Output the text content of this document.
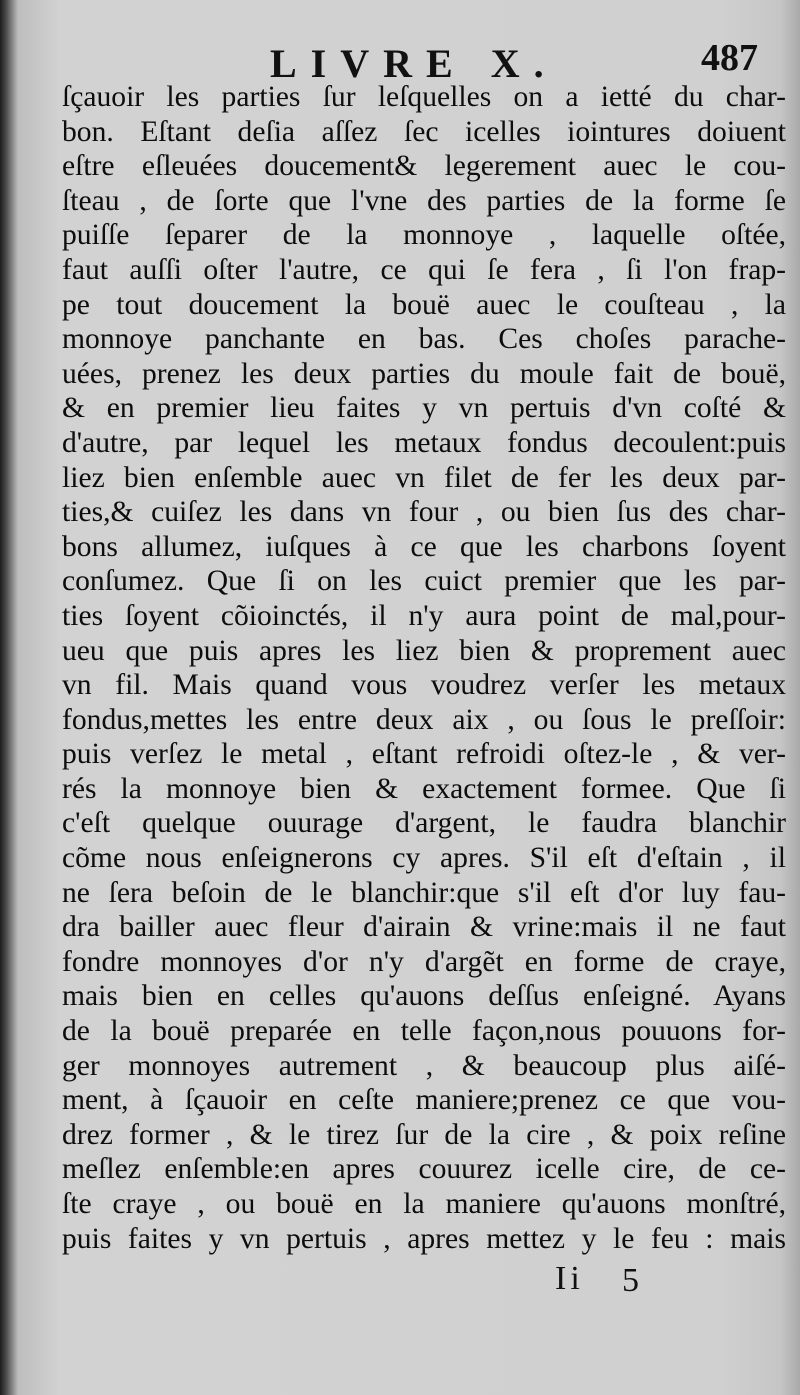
LIVRE X.	487
ſçauoir les parties ſur leſquelles on a ietté du char-
bon. Eſtant deſia aſſez ſec icelles iointures doiuent
eſtre eſleuées doucement& legerement auec le cou-
ſteau , de ſorte que l'vne des parties de la forme ſe
puiſſe ſeparer de la monnoye , laquelle oſtée,
faut auſſi oſter l'autre, ce qui ſe fera , ſi l'on frap-
pe tout doucement la bouë auec le couſteau , la
monnoye panchante en bas. Ces choſes parache-
uées, prenez les deux parties du moule fait de bouë,
& en premier lieu faites y vn pertuis d'vn coſté &
d'autre, par lequel les metaux fondus decoulent:puis
liez bien enſemble auec vn filet de fer les deux par-
ties,& cuiſez les dans vn four , ou bien ſus des char-
bons allumez, iuſques à ce que les charbons ſoyent
conſumez. Que ſi on les cuict premier que les par-
ties ſoyent cõioinctés, il n'y aura point de mal,pour-
ueu que puis apres les liez bien & proprement auec
vn fil. Mais quand vous voudrez verſer les metaux
fondus,mettes les entre deux aix , ou ſous le preſſoir:
puis verſez le metal , eſtant refroidi oſtez-le , & ver-
rés la monnoye bien & exactement formee. Que ſi
c'eſt quelque ouurage d'argent, le faudra blanchir
cõme nous enſeignerons cy apres. S'il eſt d'eſtain , il
ne ſera beſoin de le blanchir:que s'il eſt d'or luy fau-
dra bailler auec fleur d'airain & vrine:mais il ne faut
fondre monnoyes d'or n'y d'argẽt en forme de craye,
mais bien en celles qu'auons deſſus enſeigné. Ayans
de la bouë preparée en telle façon,nous pouuons for-
ger monnoyes autrement , & beaucoup plus aiſé-
ment, à ſçauoir en ceſte maniere;prenez ce que vou-
drez former , & le tirez ſur de la cire , & poix reſine
meſlez enſemble:en apres couurez icelle cire, de ce-
ſte craye , ou bouë en la maniere qu'auons monſtré,
puis faites y vn pertuis , apres mettez y le feu : mais
Ii 5
